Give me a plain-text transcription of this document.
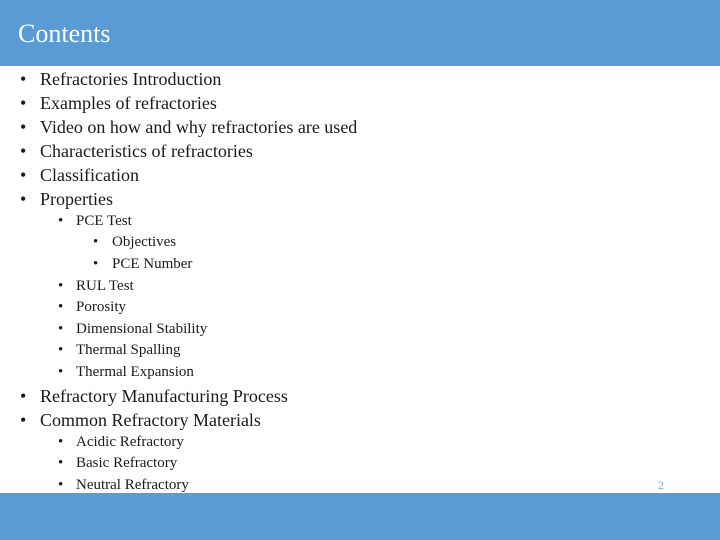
Contents
• Refractories Introduction
• Examples of refractories
• Video on how and why refractories are used
• Characteristics of refractories
• Classification
• Properties
• PCE Test
• Objectives
• PCE Number
• RUL Test
• Porosity
• Dimensional Stability
• Thermal Spalling
• Thermal Expansion
• Refractory Manufacturing Process
• Common Refractory Materials
• Acidic Refractory
• Basic Refractory
• Neutral Refractory	2
